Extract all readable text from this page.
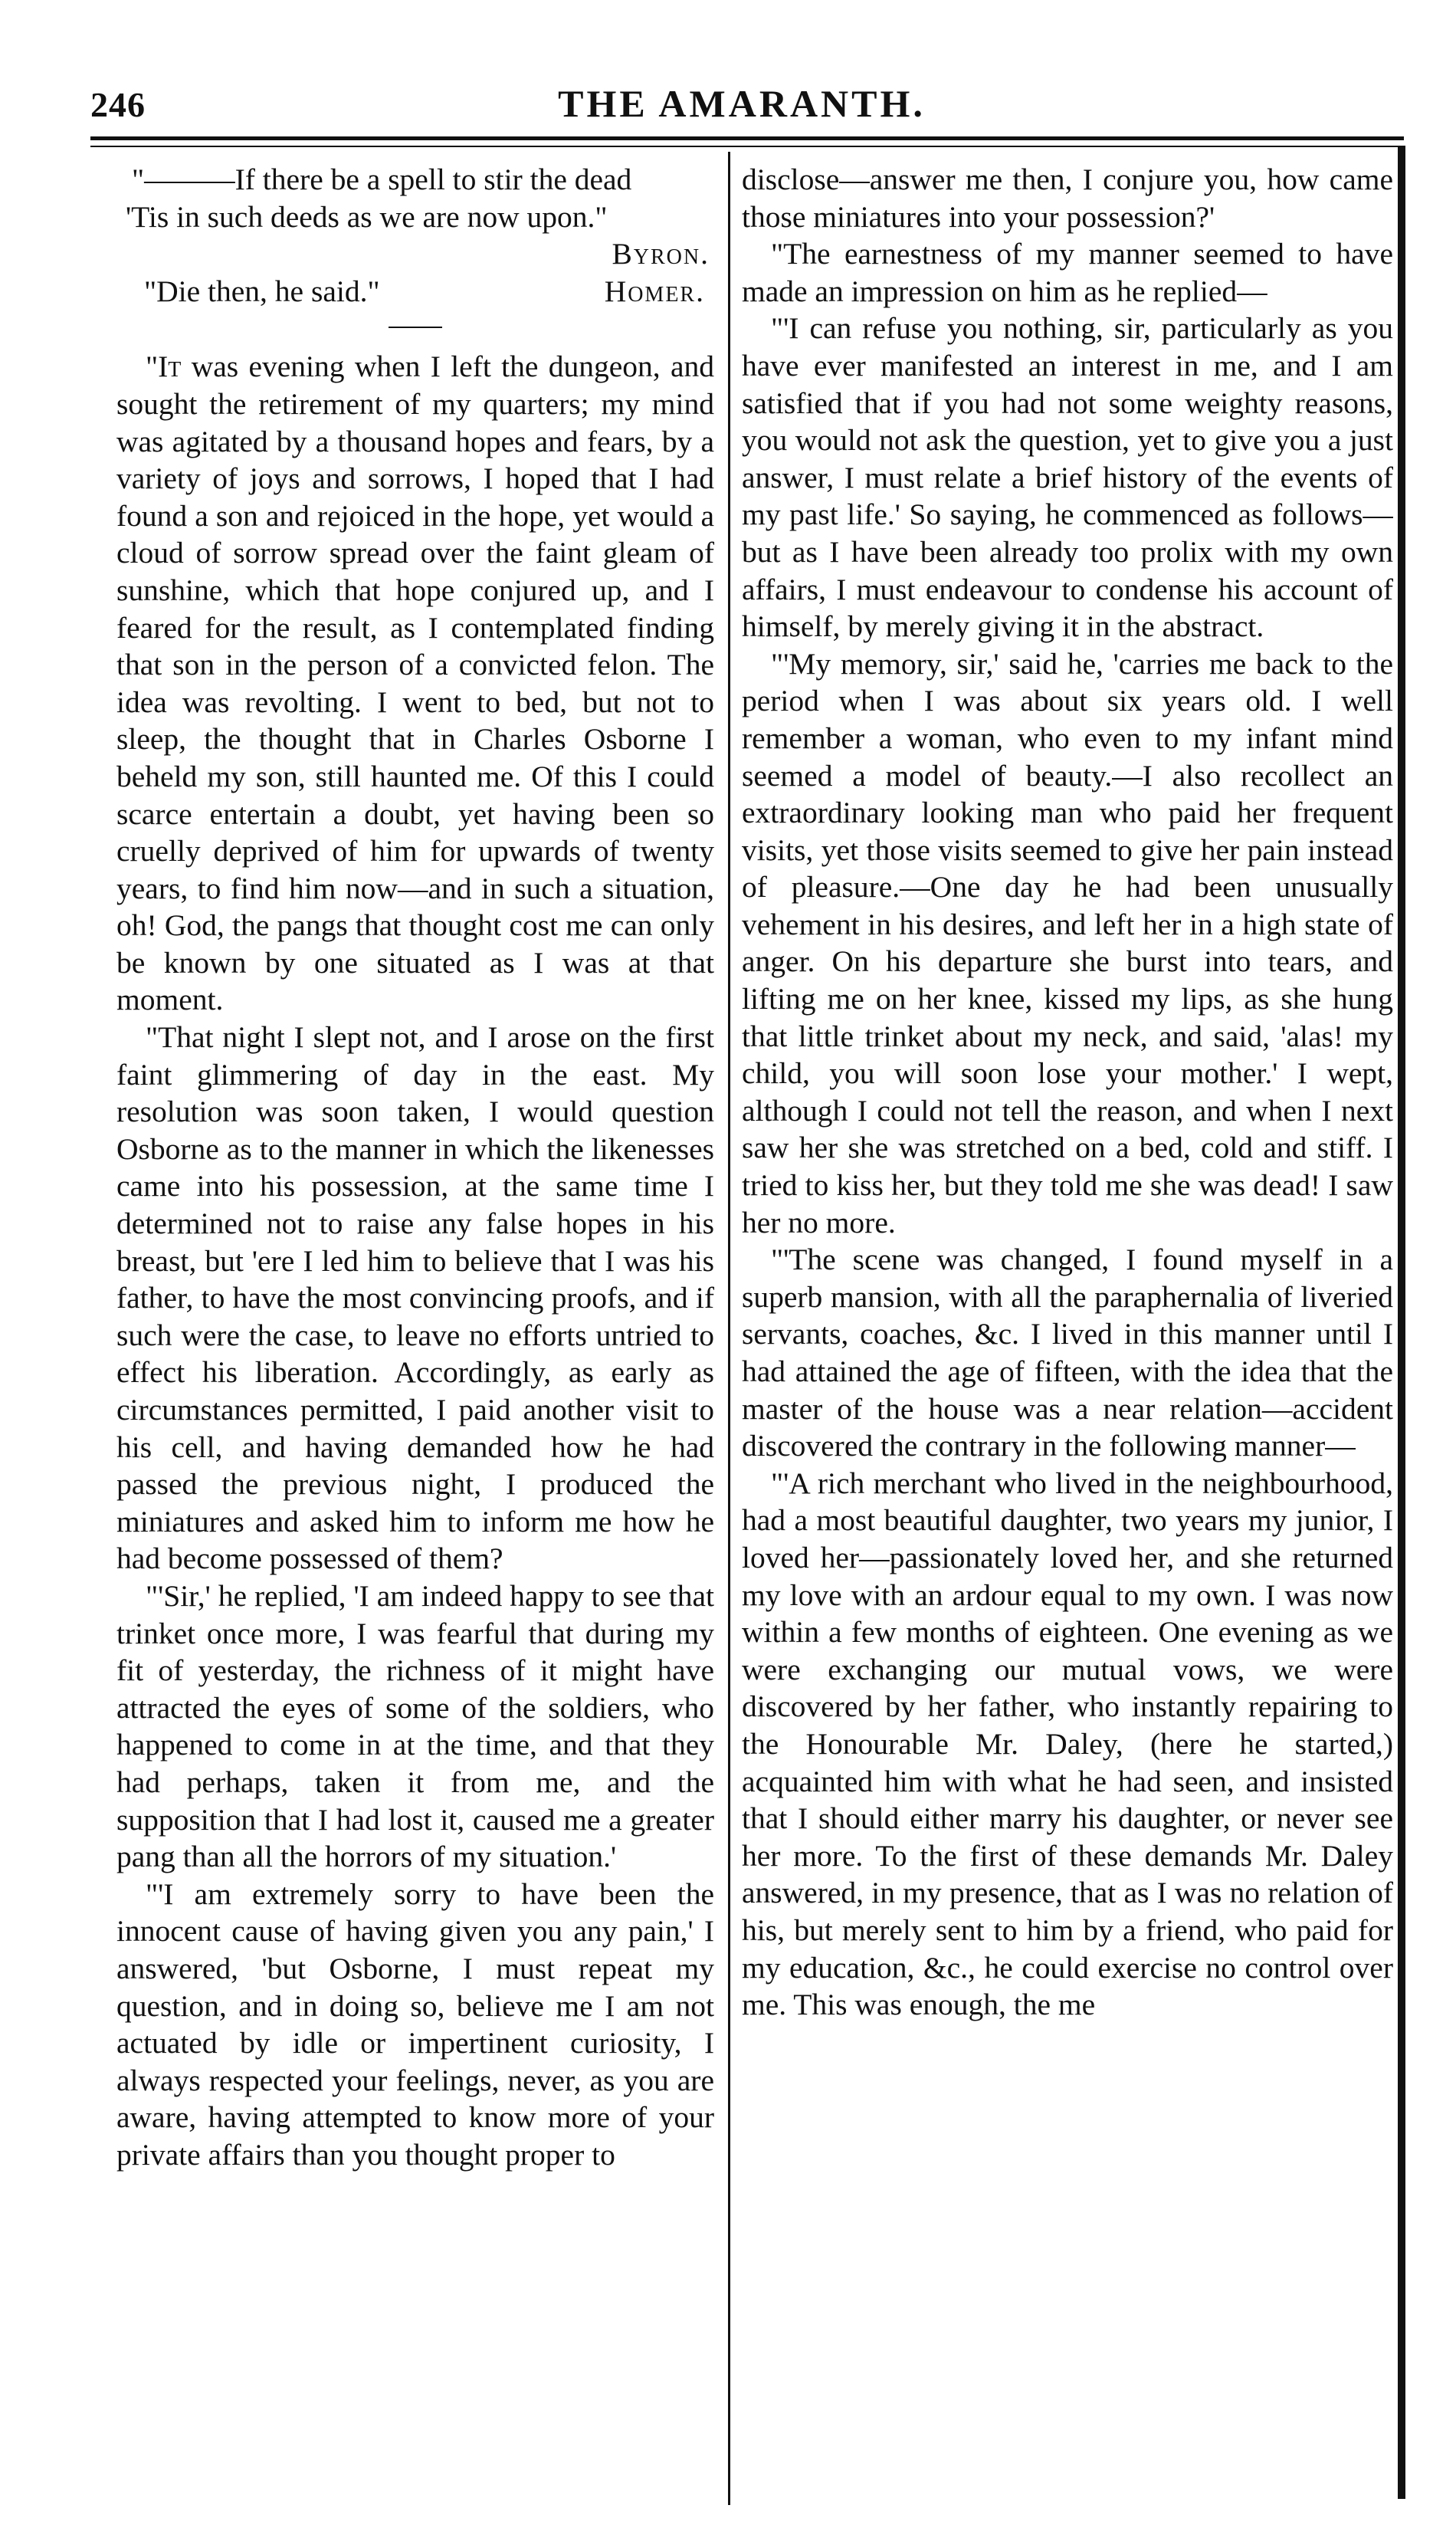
246	THE AMARANTH.
"———If there be a spell to stir the dead
'Tis in such deeds as we are now upon."
Byron.
"Die then, he said."	Homer.

"It was evening when I left the dungeon, and sought the retirement of my quarters; my mind was agitated by a thousand hopes and fears, by a variety of joys and sorrows, I hoped that I had found a son and rejoiced in the hope, yet would a cloud of sorrow spread over the faint gleam of sunshine, which that hope conjured up, and I feared for the result, as I contemplated finding that son in the person of a convicted felon. The idea was revolting. I went to bed, but not to sleep, the thought that in Charles Osborne I beheld my son, still haunted me. Of this I could scarce entertain a doubt, yet having been so cruelly deprived of him for upwards of twenty years, to find him now—and in such a situation, oh! God, the pangs that thought cost me can only be known by one situated as I was at that moment.

"That night I slept not, and I arose on the first faint glimmering of day in the east. My resolution was soon taken, I would question Osborne as to the manner in which the likenesses came into his possession, at the same time I determined not to raise any false hopes in his breast, but 'ere I led him to believe that I was his father, to have the most convincing proofs, and if such were the case, to leave no efforts untried to effect his liberation. Accordingly, as early as circumstances permitted, I paid another visit to his cell, and having demanded how he had passed the previous night, I produced the miniatures and asked him to inform me how he had become possessed of them?

"'Sir,' he replied, 'I am indeed happy to see that trinket once more, I was fearful that during my fit of yesterday, the richness of it might have attracted the eyes of some of the soldiers, who happened to come in at the time, and that they had perhaps, taken it from me, and the supposition that I had lost it, caused me a greater pang than all the horrors of my situation.'

"'I am extremely sorry to have been the innocent cause of having given you any pain,' I answered, 'but Osborne, I must repeat my question, and in doing so, believe me I am not actuated by idle or impertinent curiosity, I always respected your feelings, never, as you are aware, having attempted to know more of your private affairs than you thought proper to

disclose—answer me then, I conjure you, how came those miniatures into your possession?'

"The earnestness of my manner seemed to have made an impression on him as he replied—

"'I can refuse you nothing, sir, particularly as you have ever manifested an interest in me, and I am satisfied that if you had not some weighty reasons, you would not ask the question, yet to give you a just answer, I must relate a brief history of the events of my past life.' So saying, he commenced as follows—but as I have been already too prolix with my own affairs, I must endeavour to condense his account of himself, by merely giving it in the abstract.

"'My memory, sir,' said he, 'carries me back to the period when I was about six years old. I well remember a woman, who even to my infant mind seemed a model of beauty.—I also recollect an extraordinary looking man who paid her frequent visits, yet those visits seemed to give her pain instead of pleasure.—One day he had been unusually vehement in his desires, and left her in a high state of anger. On his departure she burst into tears, and lifting me on her knee, kissed my lips, as she hung that little trinket about my neck, and said, 'alas! my child, you will soon lose your mother.' I wept, although I could not tell the reason, and when I next saw her she was stretched on a bed, cold and stiff. I tried to kiss her, but they told me she was dead! I saw her no more.

"'The scene was changed, I found myself in a superb mansion, with all the paraphernalia of liveried servants, coaches, &c. I lived in this manner until I had attained the age of fifteen, with the idea that the master of the house was a near relation—accident discovered the contrary in the following manner—

"'A rich merchant who lived in the neighbourhood, had a most beautiful daughter, two years my junior, I loved her—passionately loved her, and she returned my love with an ardour equal to my own. I was now within a few months of eighteen. One evening as we were exchanging our mutual vows, we were discovered by her father, who instantly repairing to the Honourable Mr. Daley, (here he started,) acquainted him with what he had seen, and insisted that I should either marry his daughter, or never see her more. To the first of these demands Mr. Daley answered, in my presence, that as I was no relation of his, but merely sent to him by a friend, who paid for my education, &c., he could exercise no control over me. This was enough, the me
